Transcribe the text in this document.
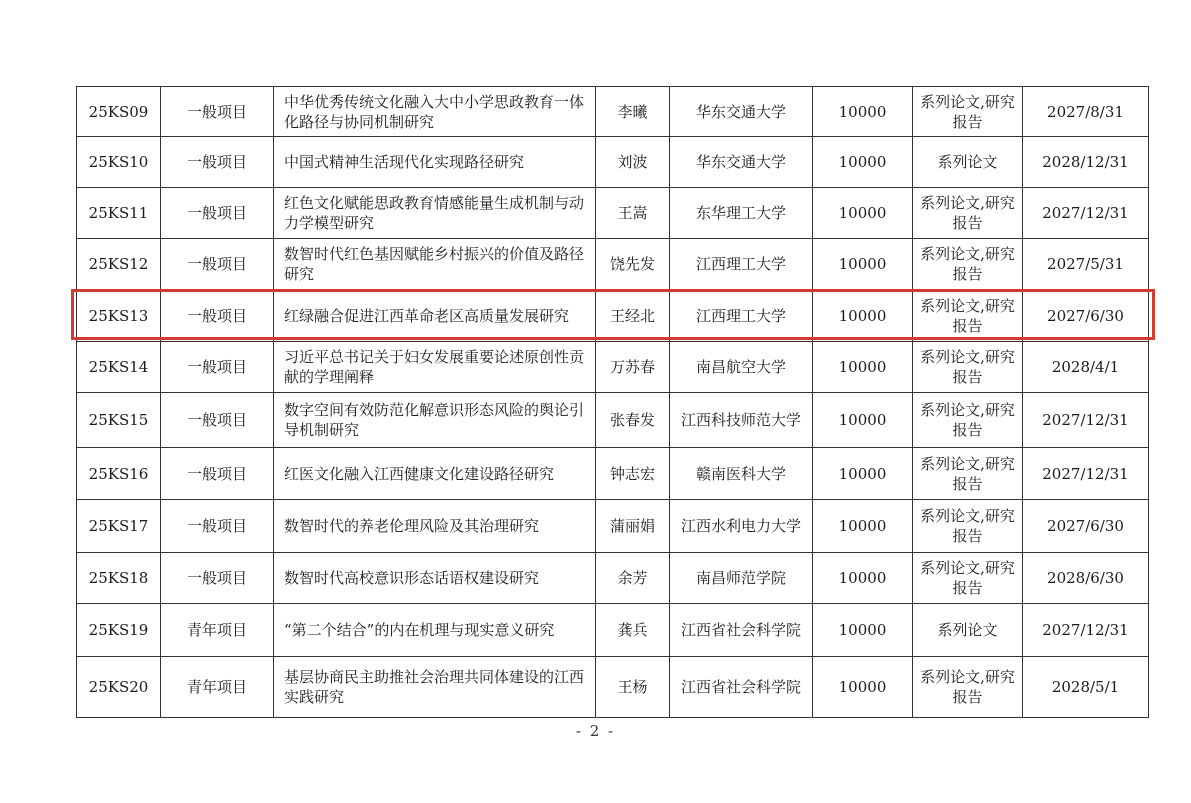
25KS09	一般项目	中华优秀传统文化融入大中小学思政教育一体化路径与协同机制研究	李曦	华东交通大学	10000	系列论文,研究报告	2027/8/31
25KS10	一般项目	中国式精神生活现代化实现路径研究	刘波	华东交通大学	10000	系列论文	2028/12/31
25KS11	一般项目	红色文化赋能思政教育情感能量生成机制与动力学模型研究	王嵩	东华理工大学	10000	系列论文,研究报告	2027/12/31
25KS12	一般项目	数智时代红色基因赋能乡村振兴的价值及路径研究	饶先发	江西理工大学	10000	系列论文,研究报告	2027/5/31
25KS13	一般项目	红绿融合促进江西革命老区高质量发展研究	王经北	江西理工大学	10000	系列论文,研究报告	2027/6/30
25KS14	一般项目	习近平总书记关于妇女发展重要论述原创性贡献的学理阐释	万苏春	南昌航空大学	10000	系列论文,研究报告	2028/4/1
25KS15	一般项目	数字空间有效防范化解意识形态风险的舆论引导机制研究	张春发	江西科技师范大学	10000	系列论文,研究报告	2027/12/31
25KS16	一般项目	红医文化融入江西健康文化建设路径研究	钟志宏	赣南医科大学	10000	系列论文,研究报告	2027/12/31
25KS17	一般项目	数智时代的养老伦理风险及其治理研究	蒲丽娟	江西水利电力大学	10000	系列论文,研究报告	2027/6/30
25KS18	一般项目	数智时代高校意识形态话语权建设研究	余芳	南昌师范学院	10000	系列论文,研究报告	2028/6/30
25KS19	青年项目	“第二个结合”的内在机理与现实意义研究	龚兵	江西省社会科学院	10000	系列论文	2027/12/31
25KS20	青年项目	基层协商民主助推社会治理共同体建设的江西实践研究	王杨	江西省社会科学院	10000	系列论文,研究报告	2028/5/1
- 2 -
